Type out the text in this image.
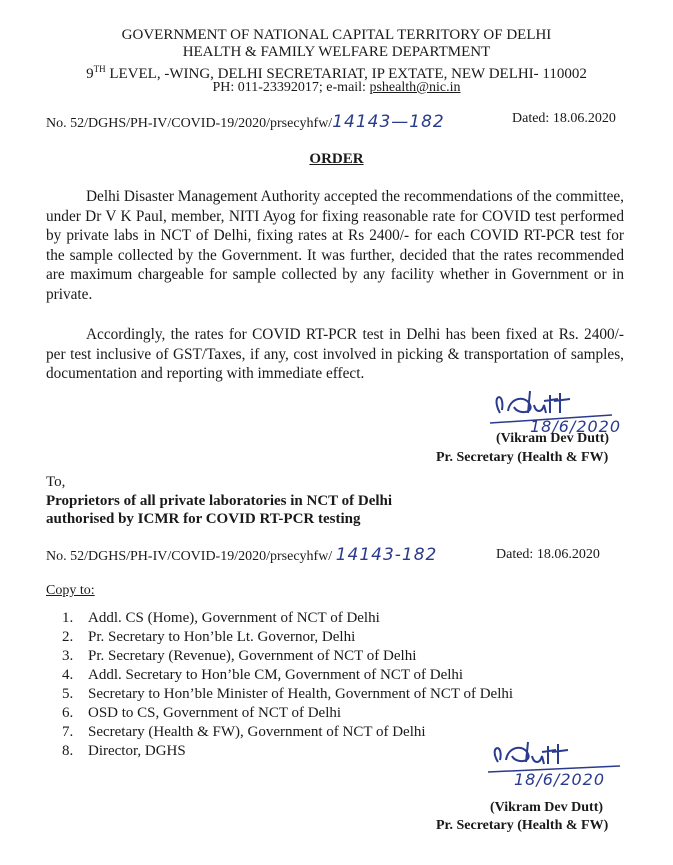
GOVERNMENT OF NATIONAL CAPITAL TERRITORY OF DELHI
HEALTH & FAMILY WELFARE DEPARTMENT
9TH LEVEL, -WING, DELHI SECRETARIAT, IP EXTATE, NEW DELHI- 110002
PH: 011-23392017; e-mail: pshealth@nic.in
No. 52/DGHS/PH-IV/COVID-19/2020/prsecyhfw/14143—182	Dated: 18.06.2020
ORDER
Delhi Disaster Management Authority accepted the recommendations of the committee, under Dr V K Paul, member, NITI Ayog for fixing reasonable rate for COVID test performed by private labs in NCT of Delhi, fixing rates at Rs 2400/- for each COVID RT-PCR test for the sample collected by the Government. It was further, decided that the rates recommended are maximum chargeable for sample collected by any facility whether in Government or in private.
Accordingly, the rates for COVID RT-PCR test in Delhi has been fixed at Rs. 2400/- per test inclusive of GST/Taxes, if any, cost involved in picking & transportation of samples, documentation and reporting with immediate effect.
18/6/2020
(Vikram Dev Dutt)
Pr. Secretary (Health & FW)
To,
Proprietors of all private laboratories in NCT of Delhi
authorised by ICMR for COVID RT-PCR testing
No. 52/DGHS/PH-IV/COVID-19/2020/prsecyhfw/ 14143-182	Dated: 18.06.2020
Copy to:
1. Addl. CS (Home), Government of NCT of Delhi
2. Pr. Secretary to Hon’ble Lt. Governor, Delhi
3. Pr. Secretary (Revenue), Government of NCT of Delhi
4. Addl. Secretary to Hon’ble CM, Government of NCT of Delhi
5. Secretary to Hon’ble Minister of Health, Government of NCT of Delhi
6. OSD to CS, Government of NCT of Delhi
7. Secretary (Health & FW), Government of NCT of Delhi
8. Director, DGHS
18/6/2020
(Vikram Dev Dutt)
Pr. Secretary (Health & FW)
